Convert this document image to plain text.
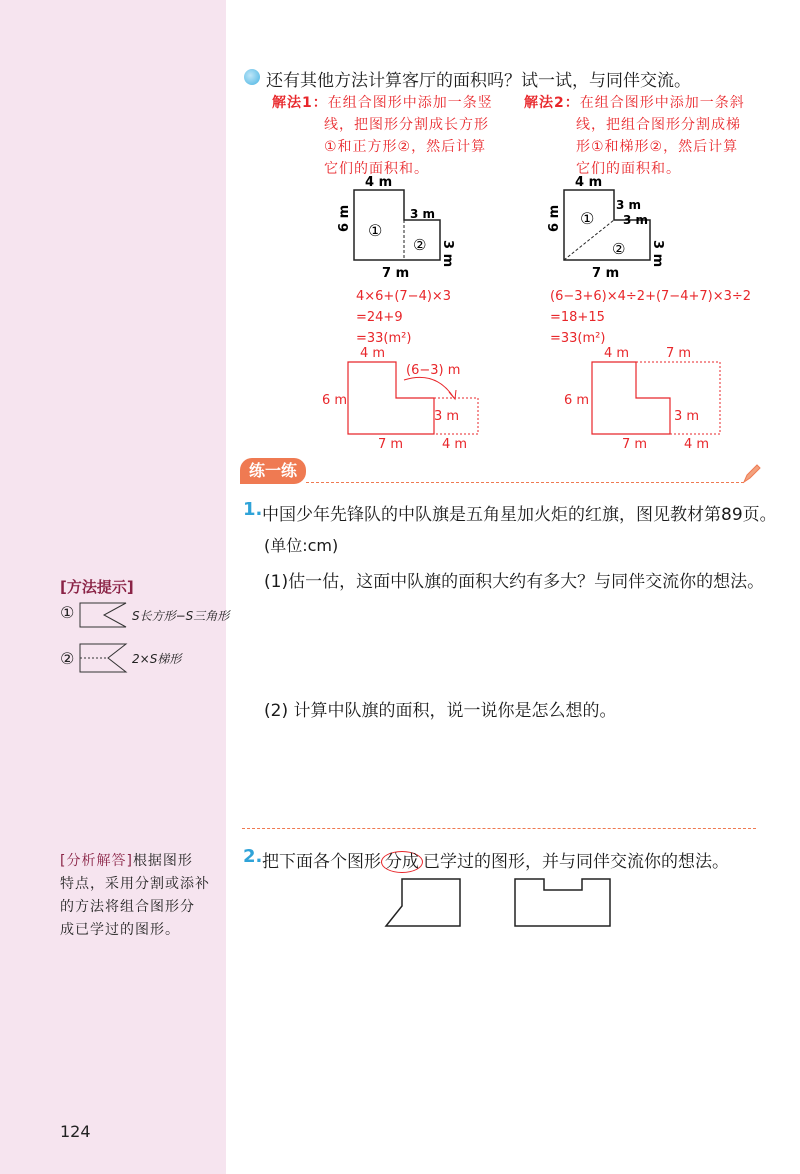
[方法提示]
①	S长方形−S三角形
②	2×S梯形
[分析解答]根据图形
特点，采用分割或添补
的方法将组合图形分
成已学过的图形。
124
还有其他方法计算客厅的面积吗？试一试，与同伴交流。
解法1：在组合图形中添加一条竖
线，把图形分割成长方形
①和正方形②，然后计算
它们的面积和。
解法2：在组合图形中添加一条斜
线，把组合图形分割成梯
形①和梯形②，然后计算
它们的面积和。
4 m
6 m
7 m
3 m
3 m
①
②
4 m
6 m
7 m
3 m
3 m
3 m
①
②
4×6+(7−4)×3
=24+9
=33(m²)
(6−3+6)×4÷2+(7−4+7)×3÷2
=18+15
=33(m²)
4 m
6 m
7 m
3 m
4 m
(6−3) m
4 m	7 m
6 m
3 m
7 m	4 m
练一练
1. 中国少年先锋队的中队旗是五角星加火炬的红旗，图见教材第89页。
(单位:cm)
(1)估一估，这面中队旗的面积大约有多大？与同伴交流你的想法。
(2) 计算中队旗的面积，说一说你是怎么想的。
2. 把下面各个图形 分成 已学过的图形，并与同伴交流你的想法。
